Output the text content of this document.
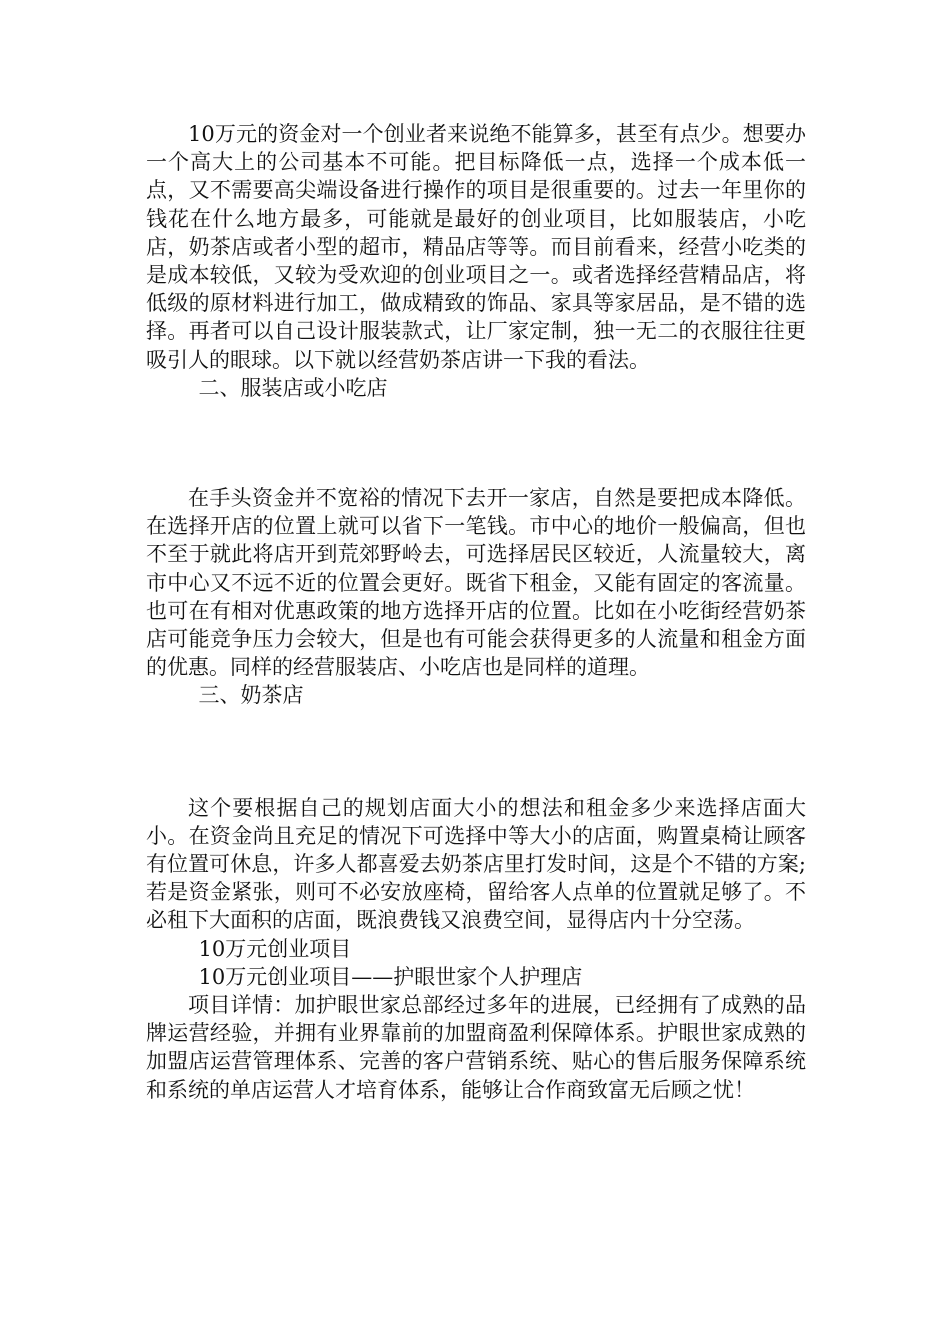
10万元的资金对一个创业者来说绝不能算多，甚至有点少。想要办一个高大上的公司基本不可能。把目标降低一点，选择一个成本低一点，又不需要高尖端设备进行操作的项目是很重要的。过去一年里你的钱花在什么地方最多，可能就是最好的创业项目，比如服装店，小吃店，奶茶店或者小型的超市，精品店等等。而目前看来，经营小吃类的是成本较低，又较为受欢迎的创业项目之一。或者选择经营精品店，将低级的原材料进行加工，做成精致的饰品、家具等家居品，是不错的选择。再者可以自己设计服装款式，让厂家定制，独一无二的衣服往往更吸引人的眼球。以下就以经营奶茶店讲一下我的看法。

二、服装店或小吃店

在手头资金并不宽裕的情况下去开一家店，自然是要把成本降低。在选择开店的位置上就可以省下一笔钱。市中心的地价一般偏高，但也不至于就此将店开到荒郊野岭去，可选择居民区较近，人流量较大，离市中心又不远不近的位置会更好。既省下租金，又能有固定的客流量。也可在有相对优惠政策的地方选择开店的位置。比如在小吃街经营奶茶店可能竞争压力会较大，但是也有可能会获得更多的人流量和租金方面的优惠。同样的经营服装店、小吃店也是同样的道理。

三、奶茶店

这个要根据自己的规划店面大小的想法和租金多少来选择店面大小。在资金尚且充足的情况下可选择中等大小的店面，购置桌椅让顾客有位置可休息，许多人都喜爱去奶茶店里打发时间，这是个不错的方案;若是资金紧张，则可不必安放座椅，留给客人点单的位置就足够了。不必租下大面积的店面，既浪费钱又浪费空间，显得店内十分空荡。

10万元创业项目

10万元创业项目——护眼世家个人护理店

项目详情：加护眼世家总部经过多年的进展，已经拥有了成熟的品牌运营经验，并拥有业界靠前的加盟商盈利保障体系。护眼世家成熟的加盟店运营管理体系、完善的客户营销系统、贴心的售后服务保障系统和系统的单店运营人才培育体系，能够让合作商致富无后顾之忧！
